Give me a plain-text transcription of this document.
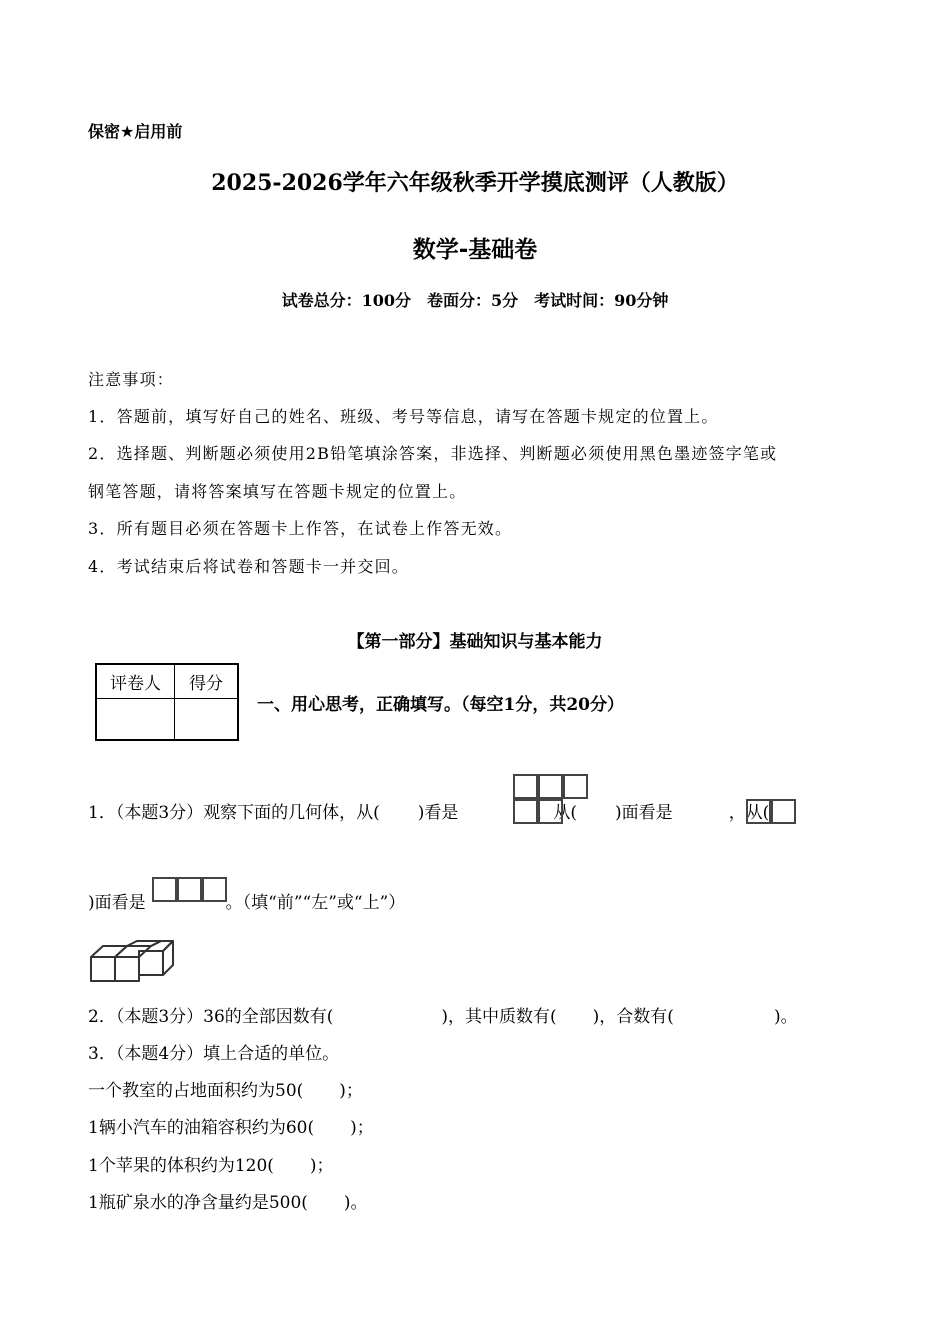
保密★启用前
2025-2026学年六年级秋季开学摸底测评（人教版）
数学-基础卷
试卷总分：100分　卷面分：5分　考试时间：90分钟
注意事项：
1．答题前，填写好自己的姓名、班级、考号等信息，请写在答题卡规定的位置上。
2．选择题、判断题必须使用2B铅笔填涂答案，非选择、判断题必须使用黑色墨迹签字笔或
钢笔答题，请将答案填写在答题卡规定的位置上。
3．所有题目必须在答题卡上作答，在试卷上作答无效。
4．考试结束后将试卷和答题卡一并交回。
【第一部分】基础知识与基本能力
评卷人	得分

一、用心思考，正确填写。（每空1分，共20分）
1．（本题3分）观察下面的几何体，从( )看是	，从( )面看是	，从(
)面看是	。（填“前”“左”或“上”）
2．（本题3分）36的全部因数有(	)，其中质数有( )，合数有(	)。
3．（本题4分）填上合适的单位。
一个教室的占地面积约为50( )；
1辆小汽车的油箱容积约为60( )；
1个苹果的体积约为120( )；
1瓶矿泉水的净含量约是500( )。
